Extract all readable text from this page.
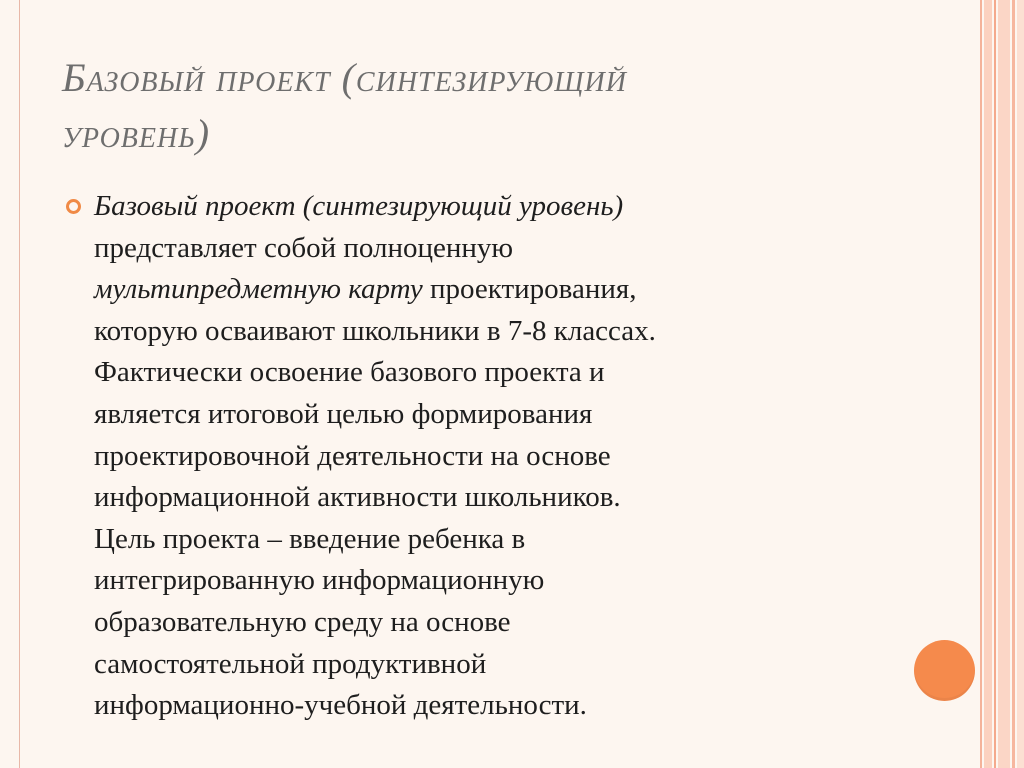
Базовый проект (синтезирующий
уровень)
Базовый проект (синтезирующий уровень)
представляет собой полноценную
мультипредметную карту проектирования,
которую осваивают школьники в 7-8 классах.
Фактически освоение базового проекта и
является итоговой целью формирования
проектировочной деятельности на основе
информационной активности школьников.
Цель проекта – введение ребенка в
интегрированную информационную
образовательную среду на основе
самостоятельной продуктивной
информационно-учебной деятельности.
